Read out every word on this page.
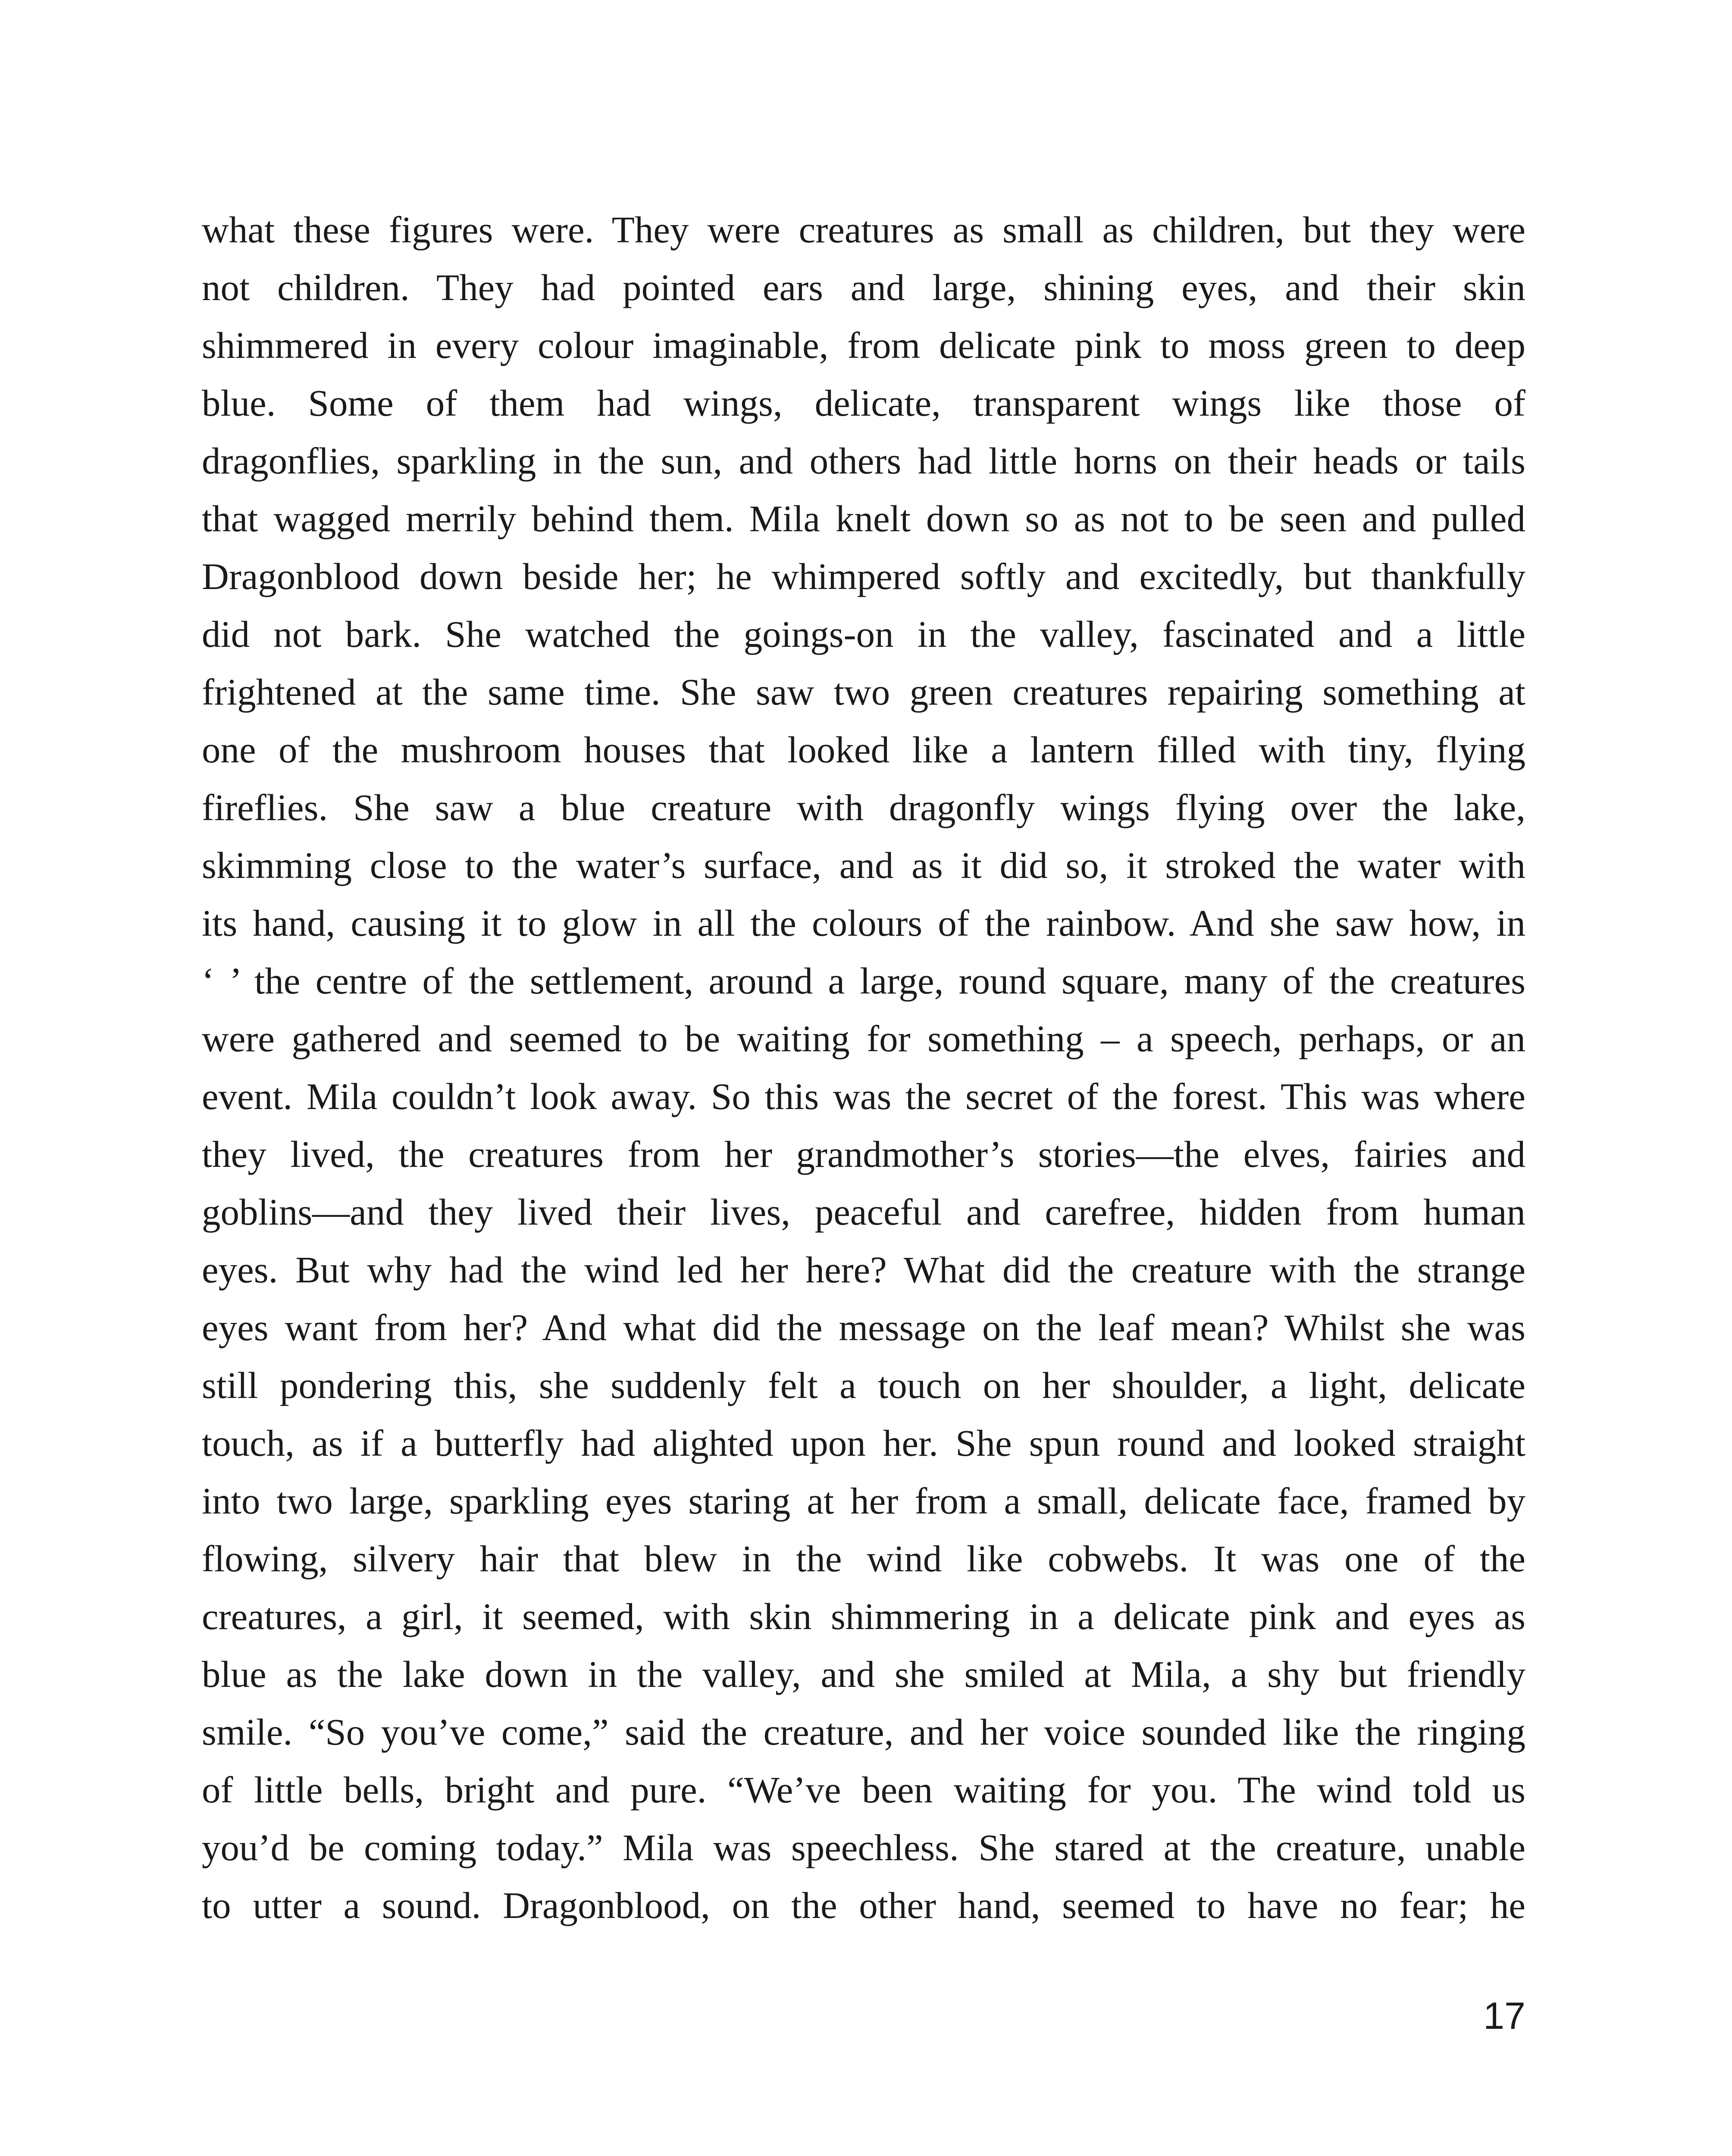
what these figures were. They were creatures as small as children, but they were
not children. They had pointed ears and large, shining eyes, and their skin
shimmered in every colour imaginable, from delicate pink to moss green to deep
blue. Some of them had wings, delicate, transparent wings like those of
dragonflies, sparkling in the sun, and others had little horns on their heads or tails
that wagged merrily behind them. Mila knelt down so as not to be seen and pulled
Dragonblood down beside her; he whimpered softly and excitedly, but thankfully
did not bark. She watched the goings-on in the valley, fascinated and a little
frightened at the same time. She saw two green creatures repairing something at
one of the mushroom houses that looked like a lantern filled with tiny, flying
fireflies. She saw a blue creature with dragonfly wings flying over the lake,
skimming close to the water’s surface, and as it did so, it stroked the water with
its hand, causing it to glow in all the colours of the rainbow. And she saw how, in
‘ ’ the centre of the settlement, around a large, round square, many of the creatures
were gathered and seemed to be waiting for something – a speech, perhaps, or an
event. Mila couldn’t look away. So this was the secret of the forest. This was where
they lived, the creatures from her grandmother’s stories—the elves, fairies and
goblins—and they lived their lives, peaceful and carefree, hidden from human
eyes. But why had the wind led her here? What did the creature with the strange
eyes want from her? And what did the message on the leaf mean? Whilst she was
still pondering this, she suddenly felt a touch on her shoulder, a light, delicate
touch, as if a butterfly had alighted upon her. She spun round and looked straight
into two large, sparkling eyes staring at her from a small, delicate face, framed by
flowing, silvery hair that blew in the wind like cobwebs. It was one of the
creatures, a girl, it seemed, with skin shimmering in a delicate pink and eyes as
blue as the lake down in the valley, and she smiled at Mila, a shy but friendly
smile. “So you’ve come,” said the creature, and her voice sounded like the ringing
of little bells, bright and pure. “We’ve been waiting for you. The wind told us
you’d be coming today.” Mila was speechless. She stared at the creature, unable
to utter a sound. Dragonblood, on the other hand, seemed to have no fear; he
17
